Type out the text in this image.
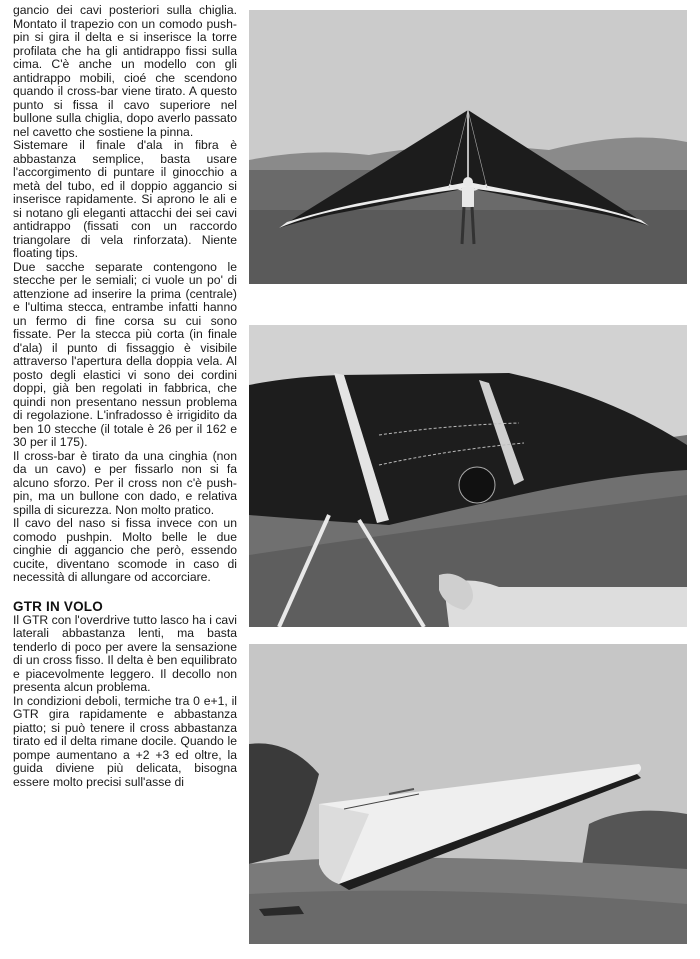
gancio dei cavi posteriori sulla chiglia. Montato il trapezio con un comodo push-pin si gira il delta e si inserisce la torre profilata che ha gli antidrappo fissi sulla cima. C'è anche un modello con gli antidrappo mobili, cioé che scendono quando il cross-bar viene tirato. A questo punto si fissa il cavo superiore nel bullone sulla chiglia, dopo averlo passato nel cavetto che sostiene la pinna.

Sistemare il finale d'ala in fibra è abbastanza semplice, basta usare l'accorgimento di puntare il ginocchio a metà del tubo, ed il doppio aggancio si inserisce rapidamente. Si aprono le ali e si notano gli eleganti attacchi dei sei cavi antidrappo (fissati con un raccordo triangolare di vela rinforzata). Niente floating tips.

Due sacche separate contengono le stecche per le semiali; ci vuole un po' di attenzione ad inserire la prima (centrale) e l'ultima stecca, entrambe infatti hanno un fermo di fine corsa su cui sono fissate. Per la stecca più corta (in finale d'ala) il punto di fissaggio è visibile attraverso l'apertura della doppia vela. Al posto degli elastici vi sono dei cordini doppi, già ben regolati in fabbrica, che quindi non presentano nessun problema di regolazione. L'infradosso è irrigidito da ben 10 stecche (il totale è 26 per il 162 e 30 per il 175).

Il cross-bar è tirato da una cinghia (non da un cavo) e per fissarlo non si fa alcuno sforzo. Per il cross non c'è push-pin, ma un bullone con dado, e relativa spilla di sicurezza. Non molto pratico.

Il cavo del naso si fissa invece con un comodo pushpin. Molto belle le due cinghie di aggancio che però, essendo cucite, diventano scomode in caso di necessità di allungare od accorciare.

GTR IN VOLO

Il GTR con l'overdrive tutto lasco ha i cavi laterali abbastanza lenti, ma basta tenderlo di poco per avere la sensazione di un cross fisso. Il delta è ben equilibrato e piacevolmente leggero. Il decollo non presenta alcun problema.

In condizioni deboli, termiche tra 0 e+1, il GTR gira rapidamente e abbastanza piatto; si può tenere il cross abbastanza tirato ed il delta rimane docile. Quando le pompe aumentano a +2 +3 ed oltre, la guida diviene più delicata, bisogna essere molto precisi sull'asse di
